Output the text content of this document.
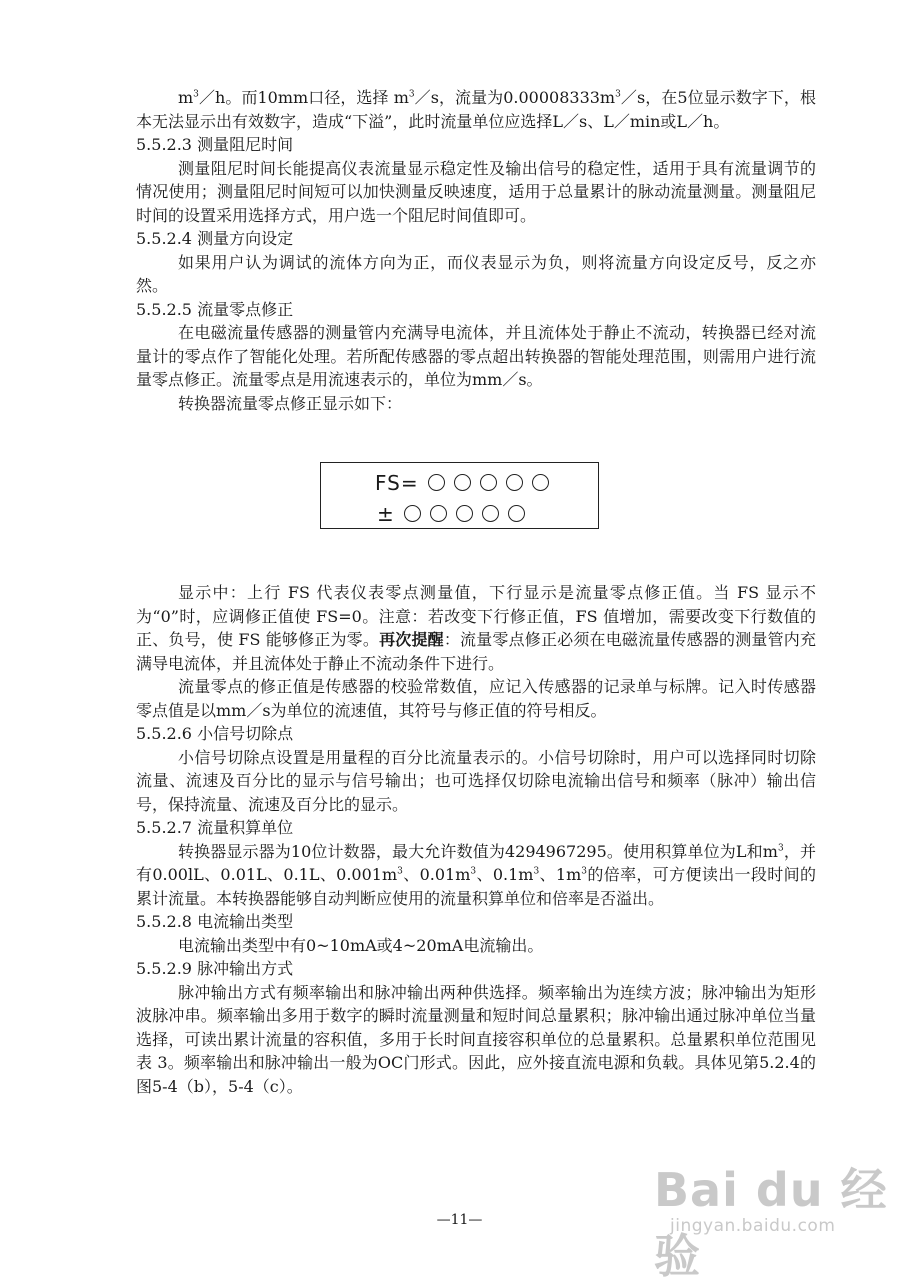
$m^3/h$。而10mm口径，选择 $m^3/s$，流量为$0.00008333m^3/s$，在5位显示数字下，根本无法显示出有效数字，造成“下溢”，此时流量单位应选择L／s、L／min或L／h。

5.5.2.3 测量阻尼时间

测量阻尼时间长能提高仪表流量显示稳定性及输出信号的稳定性，适用于具有流量调节的情况使用；测量阻尼时间短可以加快测量反映速度，适用于总量累计的脉动流量测量。测量阻尼时间的设置采用选择方式，用户选一个阻尼时间值即可。

5.5.2.4 测量方向设定

如果用户认为调试的流体方向为正，而仪表显示为负，则将流量方向设定反号，反之亦然。

5.5.2.5 流量零点修正

在电磁流量传感器的测量管内充满导电流体，并且流体处于静止不流动，转换器已经对流量计的零点作了智能化处理。若所配传感器的零点超出转换器的智能处理范围，则需用户进行流量零点修正。流量零点是用流速表示的，单位为mm／s。

转换器流量零点修正显示如下：

FS=
±

显示中：上行 FS 代表仪表零点测量值，下行显示是流量零点修正值。当 FS 显示不为“0”时，应调修正值使 FS=0。注意：若改变下行修正值，FS 值增加，需要改变下行数值的正、负号，使 FS 能够修正为零。再次提醒：流量零点修正必须在电磁流量传感器的测量管内充满导电流体，并且流体处于静止不流动条件下进行。

流量零点的修正值是传感器的校验常数值，应记入传感器的记录单与标牌。记入时传感器零点值是以mm／s为单位的流速值，其符号与修正值的符号相反。

5.5.2.6 小信号切除点

小信号切除点设置是用量程的百分比流量表示的。小信号切除时，用户可以选择同时切除流量、流速及百分比的显示与信号输出；也可选择仅切除电流输出信号和频率（脉冲）输出信号，保持流量、流速及百分比的显示。

5.5.2.7 流量积算单位

转换器显示器为10位计数器，最大允许数值为4294967295。使用积算单位为L和$m^3$，并有0.00lL、0.01L、0.1L、$0.001m^3$、$0.01m^3$、$0.1m^3$、$1m^3$的倍率，可方便读出一段时间的累计流量。本转换器能够自动判断应使用的流量积算单位和倍率是否溢出。

5.5.2.8 电流输出类型

电流输出类型中有0~10mA或4~20mA电流输出。

5.5.2.9 脉冲输出方式

脉冲输出方式有频率输出和脉冲输出两种供选择。频率输出为连续方波；脉冲输出为矩形波脉冲串。频率输出多用于数字的瞬时流量测量和短时间总量累积；脉冲输出通过脉冲单位当量选择，可读出累计流量的容积值，多用于长时间直接容积单位的总量累积。总量累积单位范围见表 3。频率输出和脉冲输出一般为OC门形式。因此，应外接直流电源和负载。具体见第5.2.4的图5-4（b），5-4（c）。

Bai du 经验
jingyan.baidu.com
—11—
